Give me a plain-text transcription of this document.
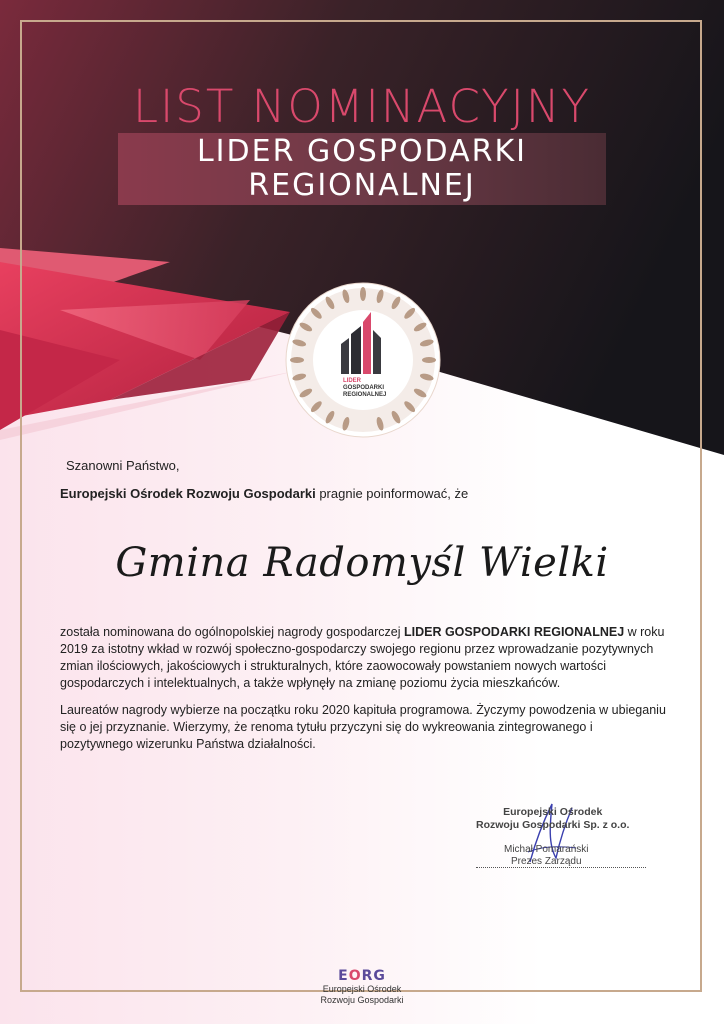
LIST NOMINACYJNY
LIDER GOSPODARKI
REGIONALNEJ
LIDER
GOSPODARKI
REGIONALNEJ
Szanowni Państwo,
Europejski Ośrodek Rozwoju Gospodarki pragnie poinformować, że
Gmina Radomyśl Wielki
została nominowana do ogólnopolskiej nagrody gospodarczej LIDER GOSPODARKI REGIONALNEJ w roku 2019 za istotny wkład w rozwój społeczno-gospodarczy swojego regionu przez wprowadzanie pozytywnych zmian ilościowych, jakościowych i strukturalnych, które zaowocowały powstaniem nowych wartości gospodarczych i intelektualnych, a także wpłynęły na zmianę poziomu życia mieszkańców.
Laureatów nagrody wybierze na początku roku 2020 kapituła programowa. Życzymy powodzenia w ubieganiu się o jej przyznanie. Wierzymy, że renoma tytułu przyczyni się do wykreowania zintegrowanego i pozytywnego wizerunku Państwa działalności.
Europejski Ośrodek
Rozwoju Gospodarki Sp. z o.o.
Michał Pomarański
Prezes Zarządu
EORG
Europejski Ośrodek
Rozwoju Gospodarki
